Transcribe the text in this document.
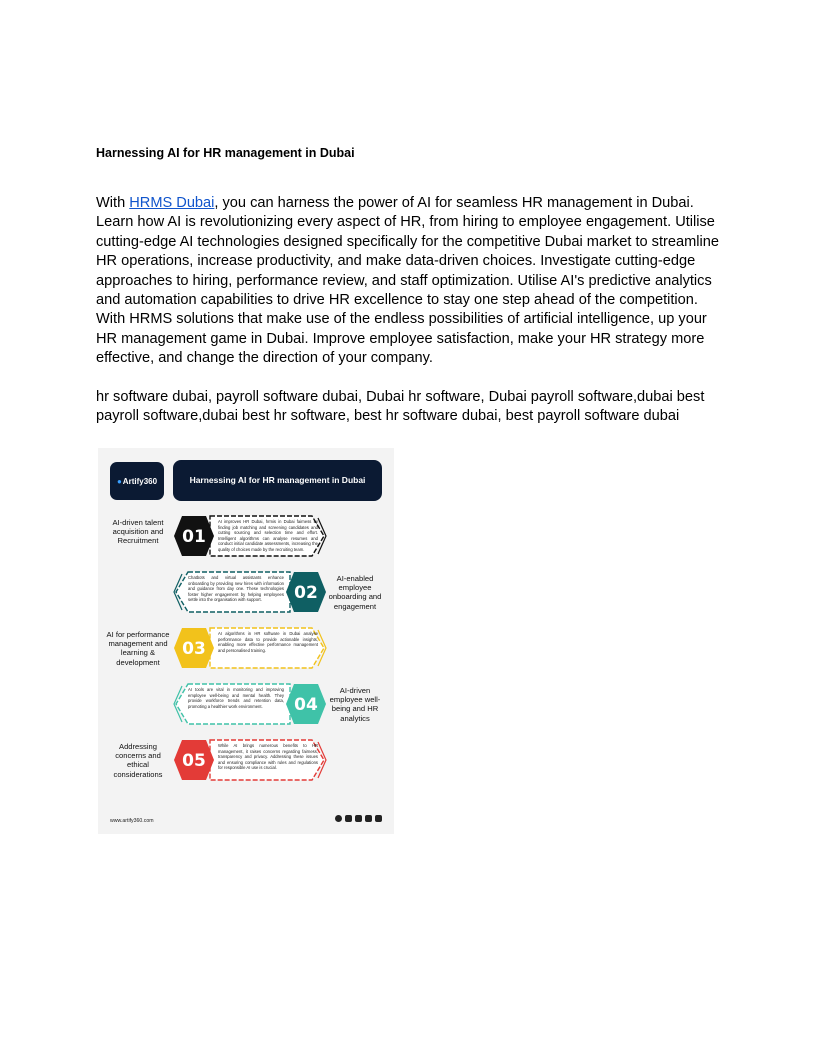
Harnessing AI for HR management in Dubai

With HRMS Dubai, you can harness the power of AI for seamless HR management in Dubai. Learn how AI is revolutionizing every aspect of HR, from hiring to employee engagement. Utilise cutting-edge AI technologies designed specifically for the competitive Dubai market to streamline HR operations, increase productivity, and make data-driven choices. Investigate cutting-edge approaches to hiring, performance review, and staff optimization. Utilise AI's predictive analytics and automation capabilities to drive HR excellence to stay one step ahead of the competition. With HRMS solutions that make use of the endless possibilities of artificial intelligence, up your HR management game in Dubai. Improve employee satisfaction, make your HR strategy more effective, and change the direction of your company.

hr software dubai, payroll software dubai, Dubai hr software, Dubai payroll software,dubai best payroll software,dubai best hr software, best hr software dubai, best payroll software dubai

● Artify360	Harnessing AI for HR management in Dubai
AI-driven talent acquisition and Recruitment	01
AI improves HR Dubai, hrmis in Dubai fairness by finding job matching and screening candidates and cutting sourcing and selection time and effort. Intelligent algorithms can analyse resumes and conduct initial candidate assessments, increasing the quality of choices made by the recruiting team.
AI-enabled employee onboarding and engagement
02
Chatbots and virtual assistants enhance onboarding by providing new hires with information and guidance from day one. These technologies foster higher engagement by helping employees settle into the organisation with support.
AI for performance management and learning & development
03
AI algorithms in HR software in Dubai analyse performance data to provide actionable insights, enabling more effective performance management and personalised training.
AI-driven employee well-being and HR analytics
04
AI tools are vital in monitoring and improving employee well-being and mental health. They provide workforce trends and retention data, promoting a healthier work environment.
Addressing concerns and ethical considerations
05
While AI brings numerous benefits to HR management, it raises concerns regarding fairness, transparency and privacy. Addressing these issues and ensuring compliance with rules and regulations for responsible AI use is crucial.
www.artify360.com
